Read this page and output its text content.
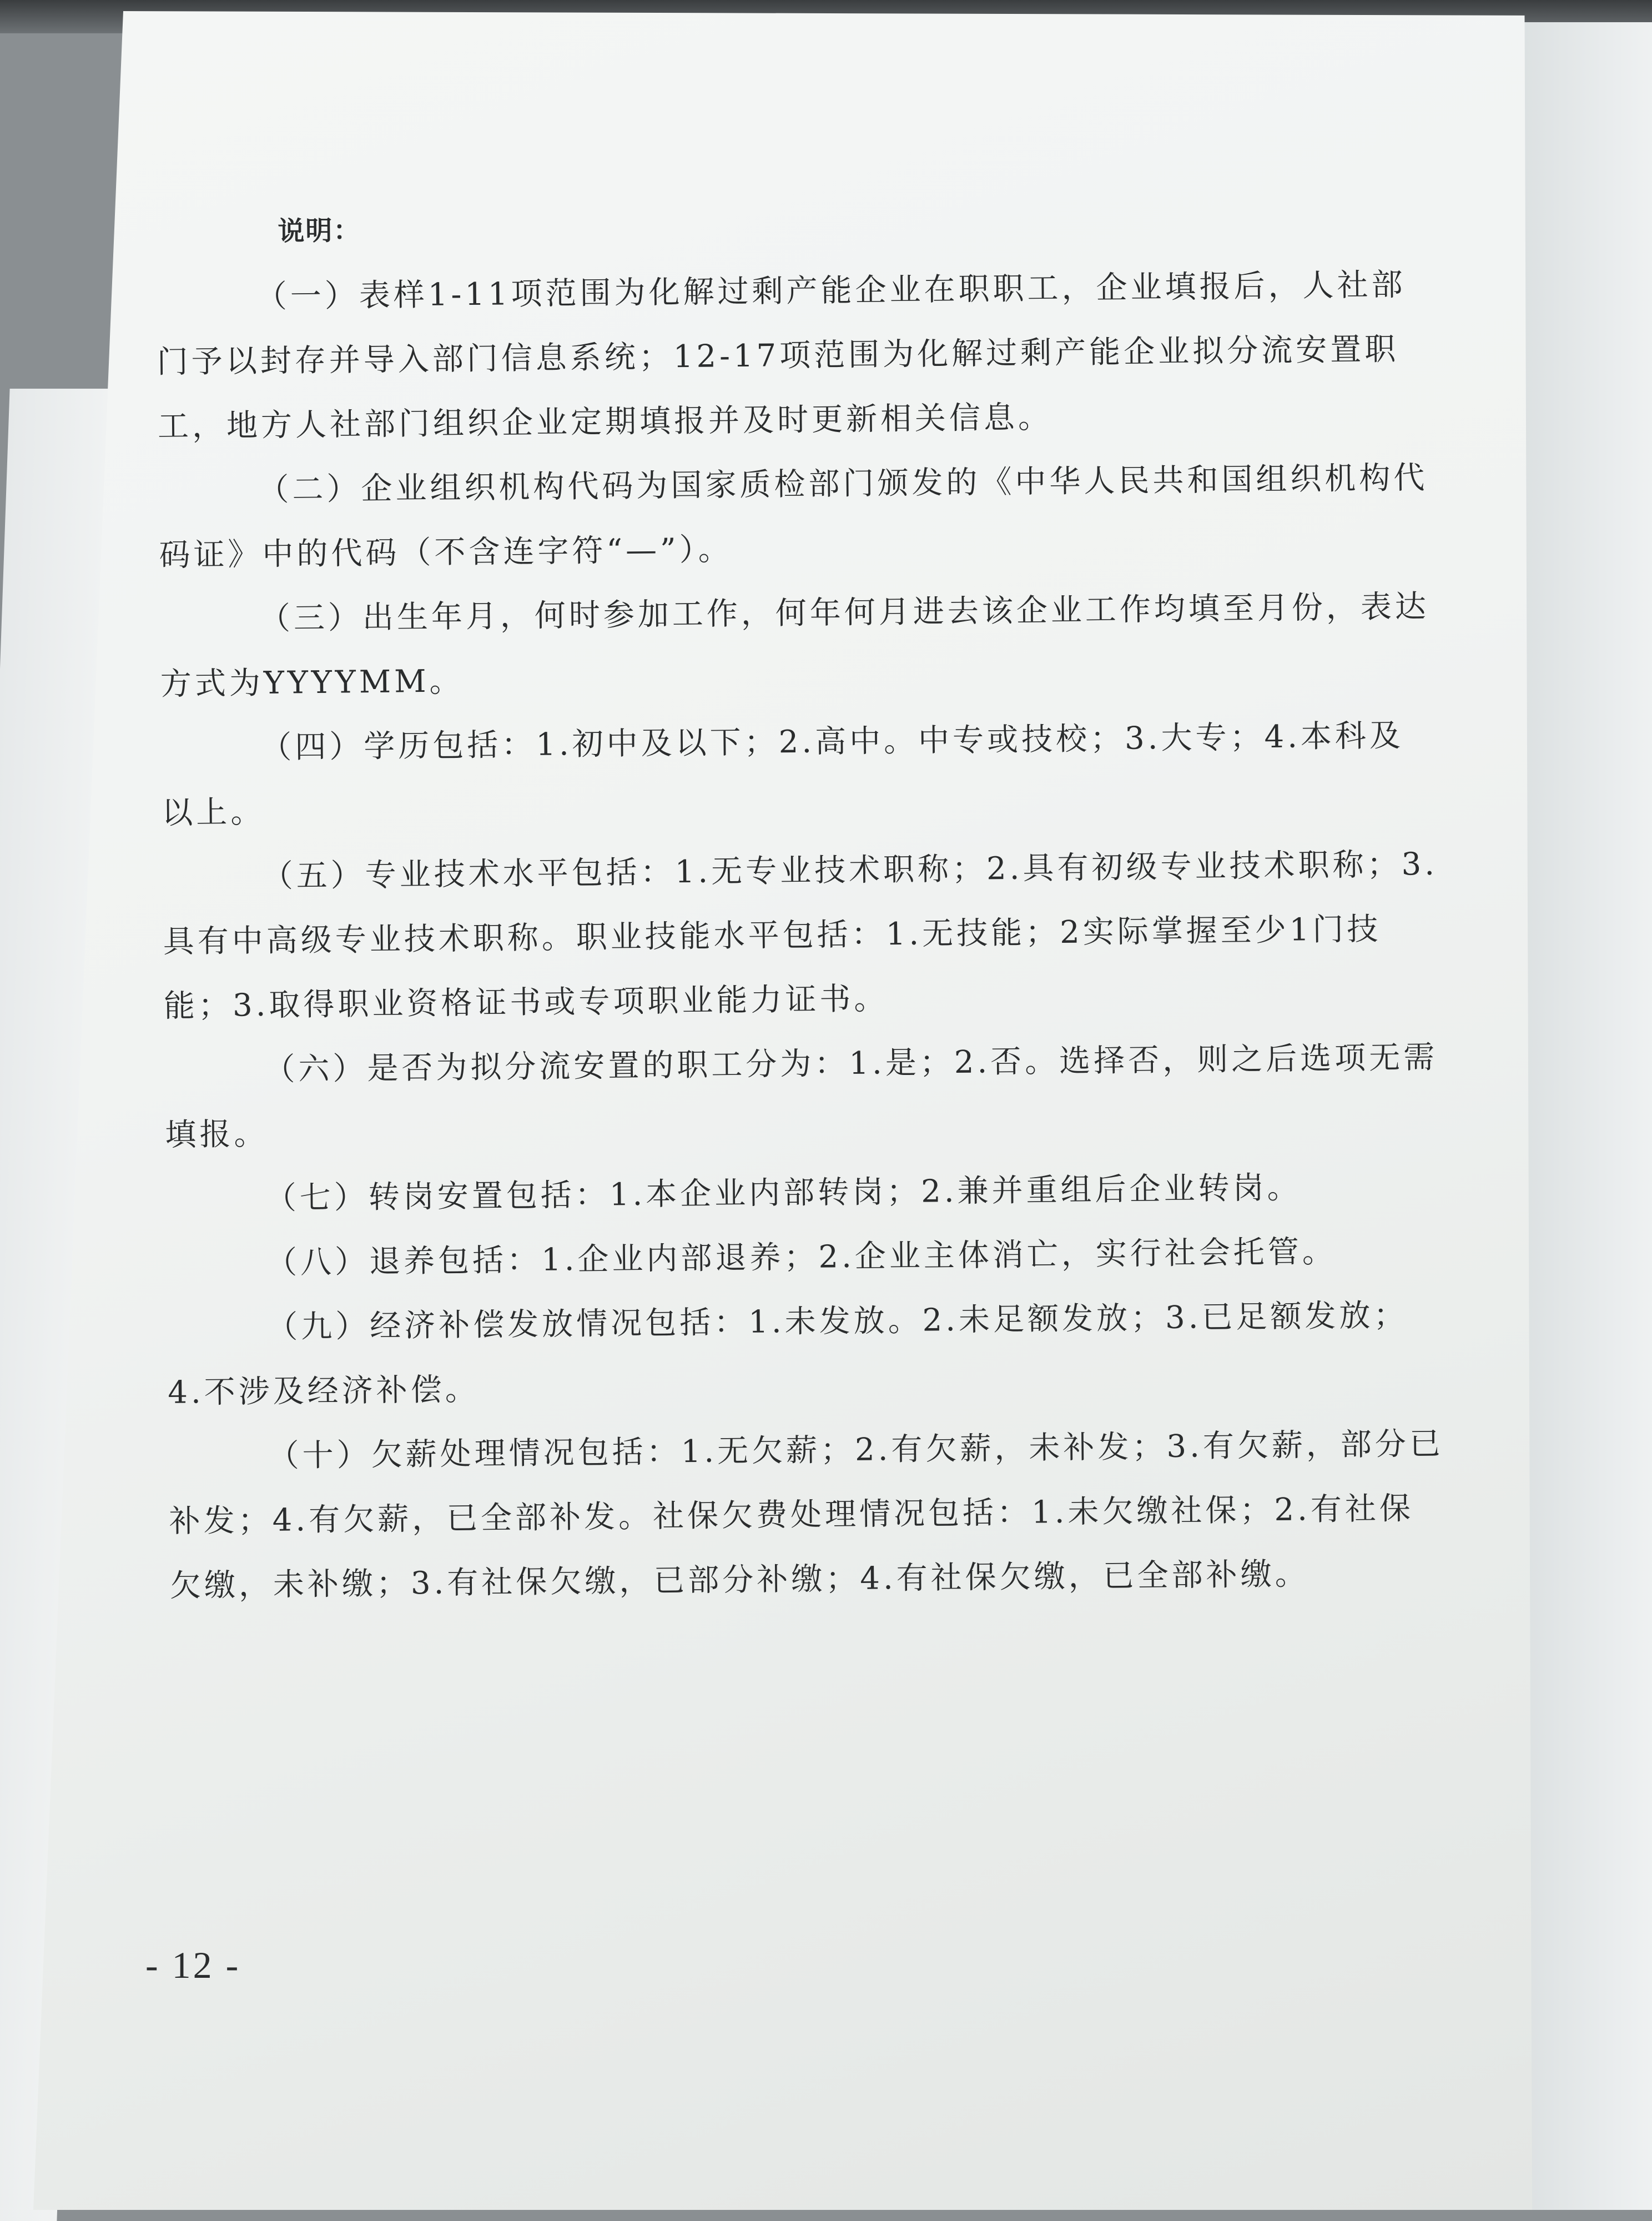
说明：

（一）表样1-11项范围为化解过剩产能企业在职职工，企业填报后，人社部门予以封存并导入部门信息系统；12-17项范围为化解过剩产能企业拟分流安置职工，地方人社部门组织企业定期填报并及时更新相关信息。

（二）企业组织机构代码为国家质检部门颁发的《中华人民共和国组织机构代码证》中的代码（不含连字符“—”）。

（三）出生年月，何时参加工作，何年何月进去该企业工作均填至月份，表达方式为YYYYMM。

（四）学历包括：1.初中及以下；2.高中。中专或技校；3.大专；4.本科及以上。

（五）专业技术水平包括：1.无专业技术职称；2.具有初级专业技术职称；3.具有中高级专业技术职称。职业技能水平包括：1.无技能；2实际掌握至少1门技能；3.取得职业资格证书或专项职业能力证书。

（六）是否为拟分流安置的职工分为：1.是；2.否。选择否，则之后选项无需填报。

（七）转岗安置包括：1.本企业内部转岗；2.兼并重组后企业转岗。

（八）退养包括：1.企业内部退养；2.企业主体消亡，实行社会托管。

（九）经济补偿发放情况包括：1.未发放。2.未足额发放；3.已足额发放；4.不涉及经济补偿。

（十）欠薪处理情况包括：1.无欠薪；2.有欠薪，未补发；3.有欠薪，部分已补发；4.有欠薪，已全部补发。社保欠费处理情况包括：1.未欠缴社保；2.有社保欠缴，未补缴；3.有社保欠缴，已部分补缴；4.有社保欠缴，已全部补缴。

- 12 -
